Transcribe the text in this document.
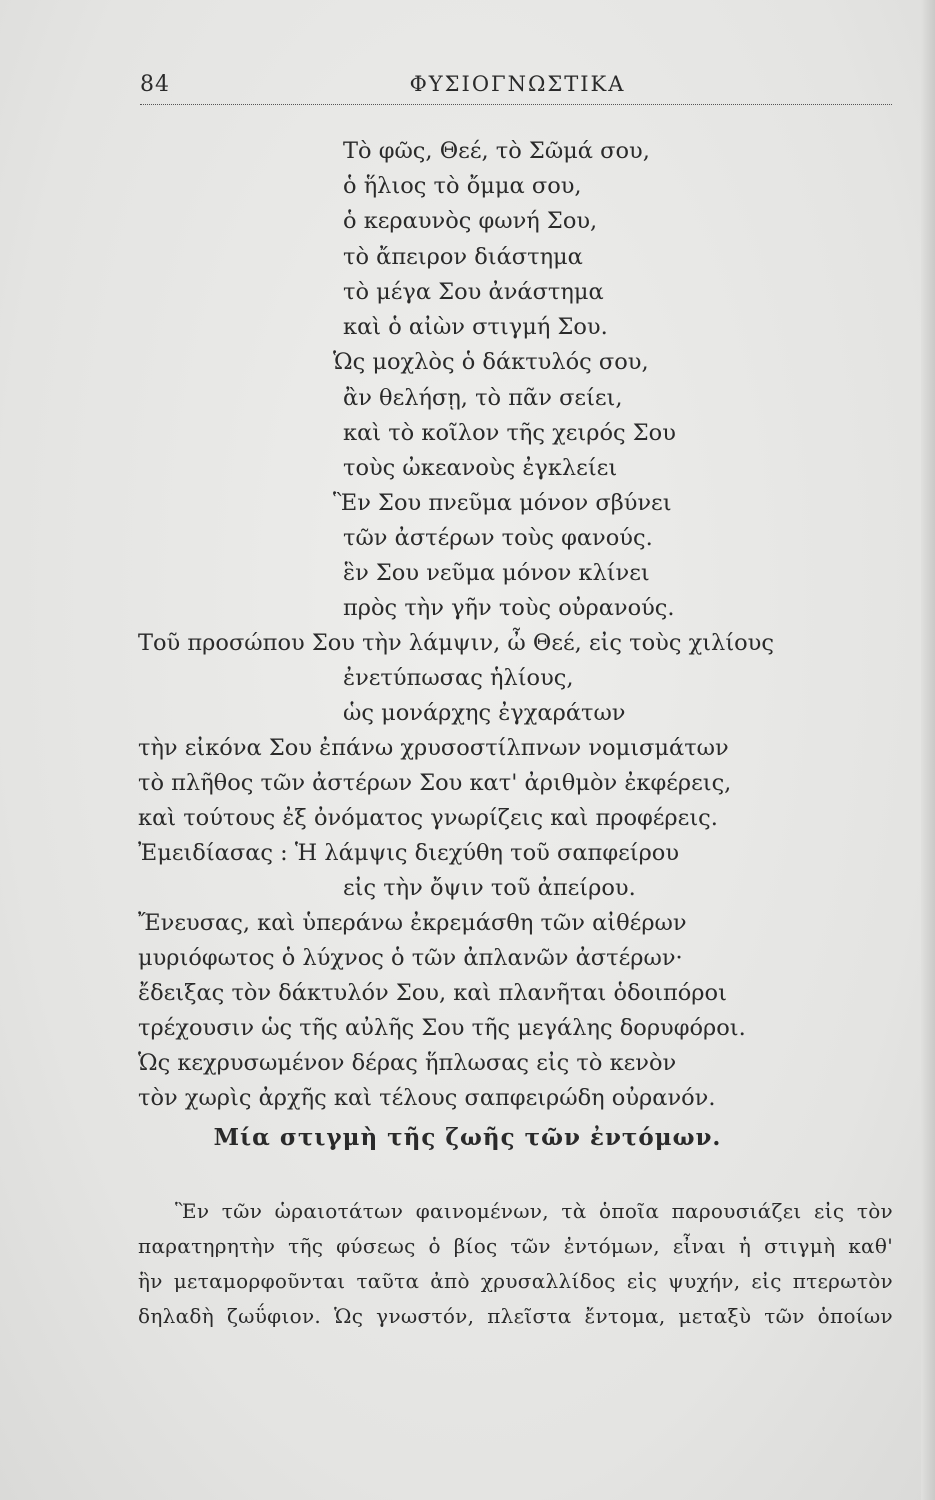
84	ΦΥΣΙΟΓΝΩΣΤΙΚΑ
Τὸ φῶς, Θεέ, τὸ Σῶμά σου,
ὁ ἥλιος τὸ ὄμμα σου,
ὁ κεραυνὸς φωνή Σου,
τὸ ἄπειρον διάστημα
τὸ μέγα Σου ἀνάστημα
καὶ ὁ αἰὼν στιγμή Σου.
Ὡς μοχλὸς ὁ δάκτυλός σου,
ἂν θελήσῃ, τὸ πᾶν σείει,
καὶ τὸ κοῖλον τῆς χειρός Σου
τοὺς ὠκεανοὺς ἐγκλείει
Ἓν Σου πνεῦμα μόνον σβύνει
τῶν ἀστέρων τοὺς φανούς.
ἓν Σου νεῦμα μόνον κλίνει
πρὸς τὴν γῆν τοὺς οὐρανούς.
Τοῦ προσώπου Σου τὴν λάμψιν, ὦ Θεέ, εἰς τοὺς χιλίους
ἐνετύπωσας ἡλίους,
ὡς μονάρχης ἐγχαράτων
τὴν εἰκόνα Σου ἐπάνω χρυσοστίλπνων νομισμάτων
τὸ πλῆθος τῶν ἀστέρων Σου κατ' ἀριθμὸν ἐκφέρεις,
καὶ τούτους ἐξ ὀνόματος γνωρίζεις καὶ προφέρεις.
Ἐμειδίασας : Ἡ λάμψις διεχύθη τοῦ σαπφείρου
εἰς τὴν ὄψιν τοῦ ἀπείρου.
Ἔνευσας, καὶ ὑπεράνω ἐκρεμάσθη τῶν αἰθέρων
μυριόφωτος ὁ λύχνος ὁ τῶν ἀπλανῶν ἀστέρων·
ἔδειξας τὸν δάκτυλόν Σου, καὶ πλανῆται ὁδοιπόροι
τρέχουσιν ὡς τῆς αὐλῆς Σου τῆς μεγάλης δορυφόροι.
Ὡς κεχρυσωμένον δέρας ἥπλωσας εἰς τὸ κενὸν
τὸν χωρὶς ἀρχῆς καὶ τέλους σαπφειρώδη οὐρανόν.
Μία στιγμὴ τῆς ζωῆς τῶν ἐντόμων.
Ἓν τῶν ὡραιοτάτων φαινομένων, τὰ ὁποῖα παρουσιάζει εἰς τὸν
παρατηρητὴν τῆς φύσεως ὁ βίος τῶν ἐντόμων, εἶναι ἡ στιγμὴ καθ'
ἣν μεταμορφοῦνται ταῦτα ἀπὸ χρυσαλλίδος εἰς ψυχήν, εἰς πτερωτὸν
δηλαδὴ ζωΰφιον. Ὡς γνωστόν, πλεῖστα ἔντομα, μεταξὺ τῶν ὁποίων
